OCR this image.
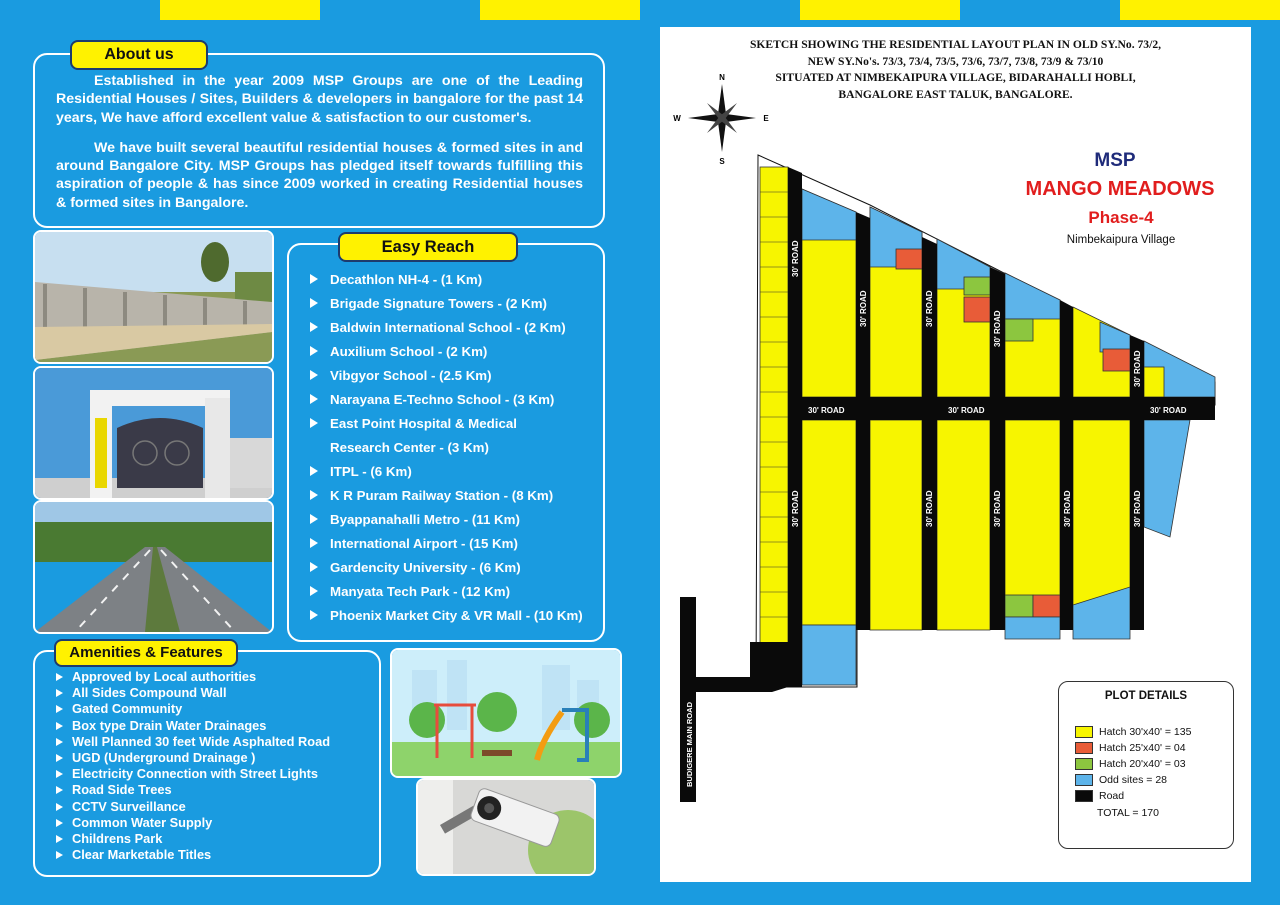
About us

Established in the year 2009 MSP Groups are one of the Leading Residential Houses / Sites, Builders & developers in bangalore for the past 14 years, We have afford excellent value & satisfaction to our customer's.

We have built several beautiful residential houses & formed sites in and around Bangalore City. MSP Groups has pledged itself towards fulfilling this aspiration of people & has since 2009 worked in creating Residential houses & formed sites in Bangalore.

Easy Reach
Decathlon NH-4 - (1 Km)
Brigade Signature Towers - (2 Km)
Baldwin International School - (2 Km)
Auxilium School - (2 Km)
Vibgyor School - (2.5 Km)
Narayana E-Techno School - (3 Km)
East Point Hospital & Medical
Research Center - (3 Km)
ITPL - (6 Km)
K R Puram Railway Station - (8 Km)
Byappanahalli Metro - (11 Km)
International Airport - (15 Km)
Gardencity University - (6 Km)
Manyata Tech Park - (12 Km)
Phoenix Market City & VR Mall - (10 Km)
Amenities & Features
Approved by Local authorities
All Sides Compound Wall
Gated Community
Box type Drain Water Drainages
Well Planned 30 feet Wide Asphalted Road
UGD (Underground Drainage )
Electricity Connection with Street Lights
Road Side Trees
CCTV Surveillance
Common Water Supply
Childrens Park
Clear Marketable Titles
SKETCH SHOWING THE RESIDENTIAL LAYOUT PLAN IN OLD SY.No. 73/2,
NEW SY.No's. 73/3, 73/4, 73/5, 73/6, 73/7, 73/8, 73/9 & 73/10
SITUATED AT NIMBEKAIPURA VILLAGE, BIDARAHALLI HOBLI,
BANGALORE EAST TALUK, BANGALORE.
N
S
W	E
30' ROAD	30' ROAD	30' ROAD
30' ROAD
30' ROAD
30' ROAD	30' ROAD
30' ROAD
30' ROAD
30' ROAD	30' ROAD
30' ROAD
30' ROAD
BUDIGERE MAIN ROAD
MSP
MANGO MEADOWS
Phase-4
Nimbekaipura Village
PLOT DETAILS
Hatch 30'x40' = 135
Hatch 25'x40' = 04
Hatch 20'x40' = 03
Odd sites = 28
Road
TOTAL = 170
